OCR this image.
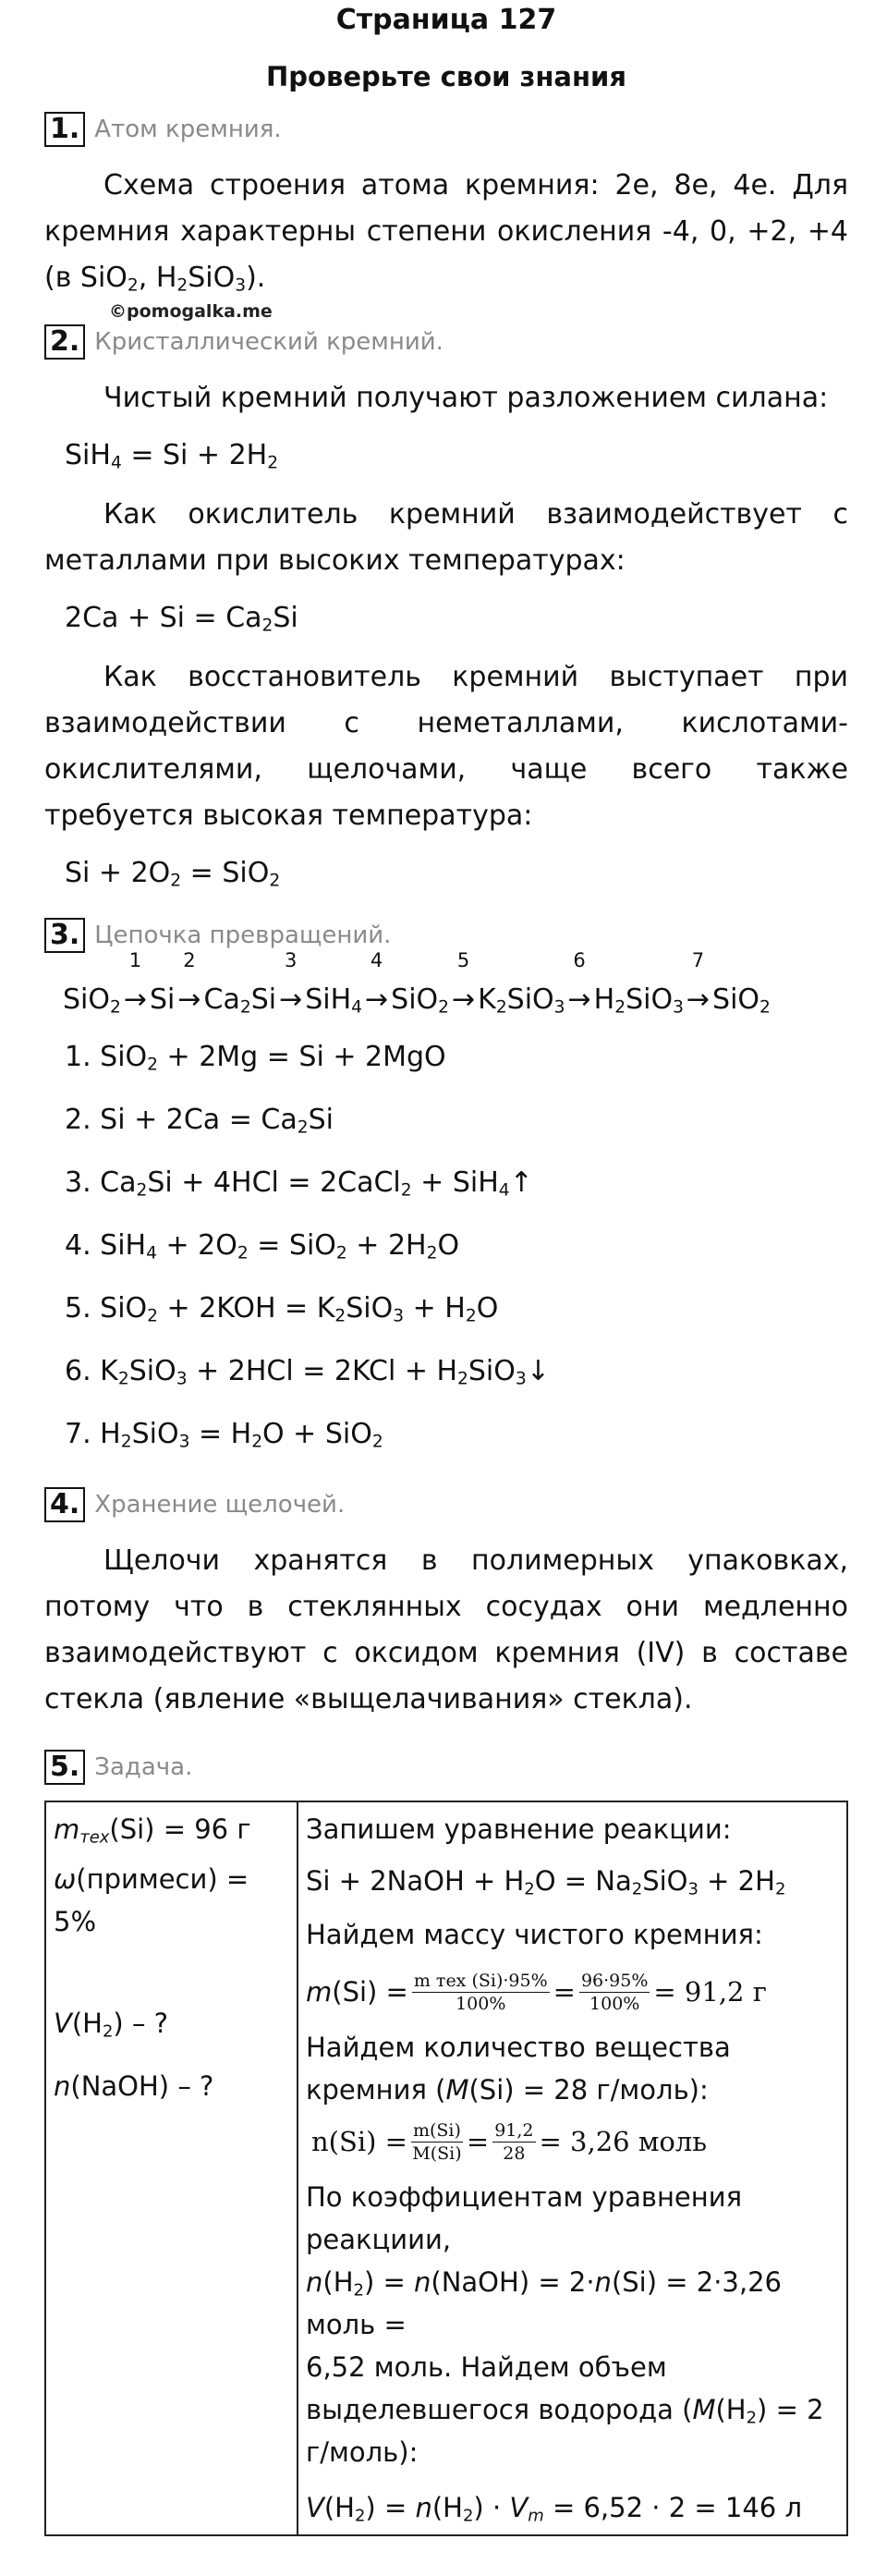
Страница 127
Проверьте свои знания
1. Атом кремния.

Схема строения атома кремния: 2е, 8е, 4е. Для кремния характерны степени окисления -4, 0, +2, +4 (в SiO$_2$, $H_2SiO_3$).

©pomogalka.me
2. Кристаллический кремний.

Чистый кремний получают разложением силана:

$SiH_4 = Si + 2H_2$

Как окислитель кремний взаимодействует с металлами при высоких температурах:

$2Ca + Si = Ca_2Si$

Как восстановитель кремний выступает при взаимодействии с неметаллами, кислотами-окислителями, щелочами, чаще всего также требуется высокая температура:

$Si + 2O_2 = SiO_2$

3. Цепочка превращений.

SiO$_2$
1
→ Si
2
→ $Ca_2Si$
3
→ SiH$_4$
4
→ SiO$_2$
5
→ $K_2SiO_3$
6
→ $H_2SiO_3$
7
→ SiO$_2$

1. SiO$_2$ + 2Mg = Si + 2MgO

2. $Si + 2Ca = Ca_2Si$

3. $Ca_2Si + 4HCl$ = 2CaCl$_2$ + SiH$_4$↑

4. $SiH_4 + 2O_2 = SiO_2 + 2H_2O$

5. $SiO_2 + 2KOH = K_2SiO_3 + H_2O$

6. $K_2SiO_3 + 2HCl = 2KCl$ + $H_2SiO_3↓$

7. $H_2SiO_3 = H_2O + SiO_2$

4. Хранение щелочей.

Щелочи хранятся в полимерных упаковках, потому что в стеклянных сосудах они медленно взаимодействуют с оксидом кремния (IV) в составе стекла (явление «выщелачивания» стекла).

5. Задача.

$m_{тех}(Si) = 96$ г

ω(примеси) = 5%

$V(H_2)$ – ?

n(NaOH) – ?

Запишем уравнение реакции:

Si + 2NaOH + $H_2O = Na_2SiO_3 + 2H_2$

Найдем массу чистого кремния:

m $(Si) = \frac{\text{m тех (Si)·95\%}}{100\%} = \frac{96\cdot 95\%}{100\%} = 91,2$ г

Найдем количество вещества кремния (M(Si) = 28 г/моль):

$n(Si) = \frac{m(Si)}{M(Si)} = \frac{91,2}{28} = 3,26$ моль

По коэффициентам уравнения реакциии,

$n(H_2)$ = n(NaOH) = 2·n(Si) = 2·3,26 моль =

6,52 моль. Найдем объем выделевшегося водорода ($M(H_2) = 2$ г/моль):

$V(H_2) = n(H_2) \cdot V_m = 6,52 \cdot 2 = 146$ л
